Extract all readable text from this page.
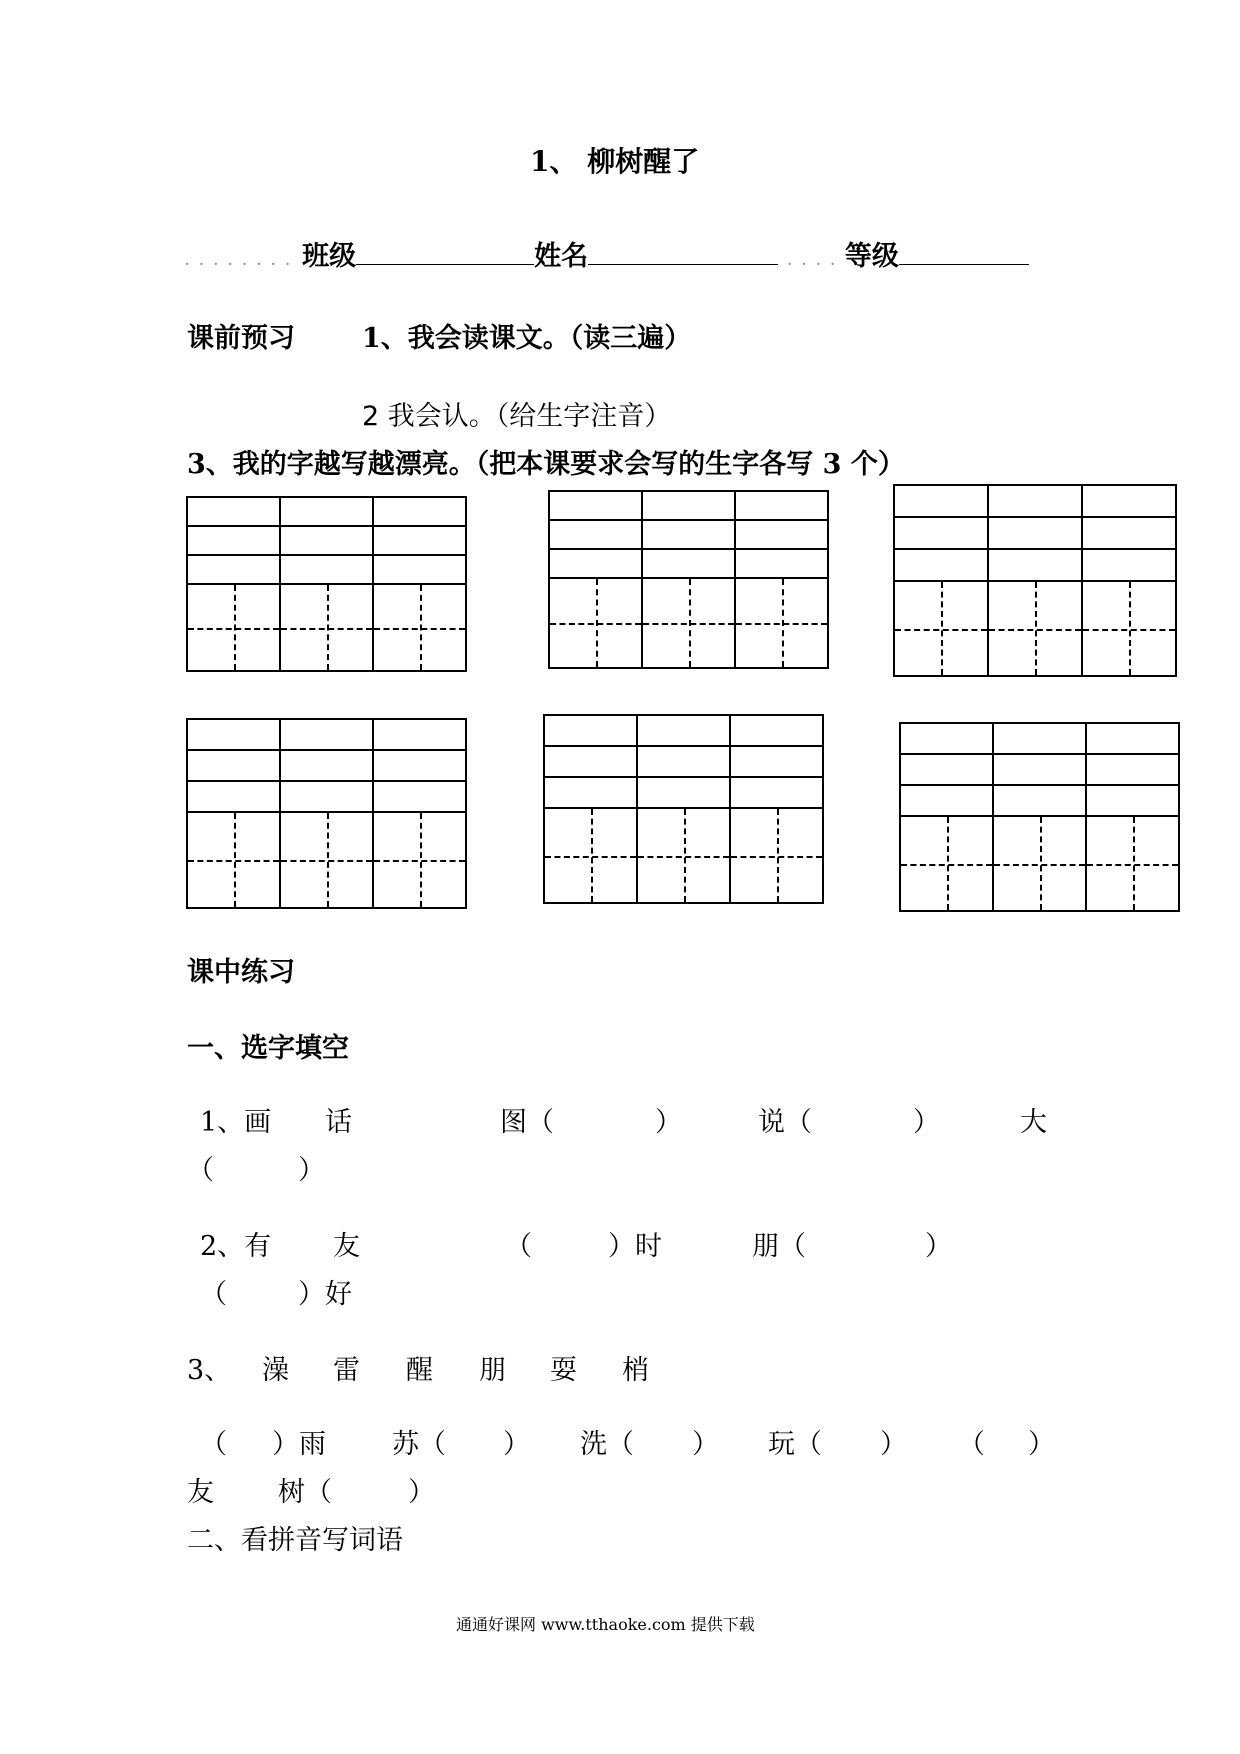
1、 柳树醒了
. . . . . . . . 班级	姓名	. . . . 等级
课前预习 1、我会读课文。（读三遍）
2 我会认。（给生字注音）
3、我的字越写越漂亮。（把本课要求会写的生字各写 3 个）
课中练习
一、选字填空
1、画 话	图（	）	说（	）	大
（	）
2、有 友	（	）时	朋（	）
（	）好
3、 澡 雷 醒 朋 耍 梢
（ ）雨 苏（ ） 洗（ ） 玩（ ） （ ）
友 树（	）
二、看拼音写词语
通通好课网 www.tthaoke.com 提供下载
